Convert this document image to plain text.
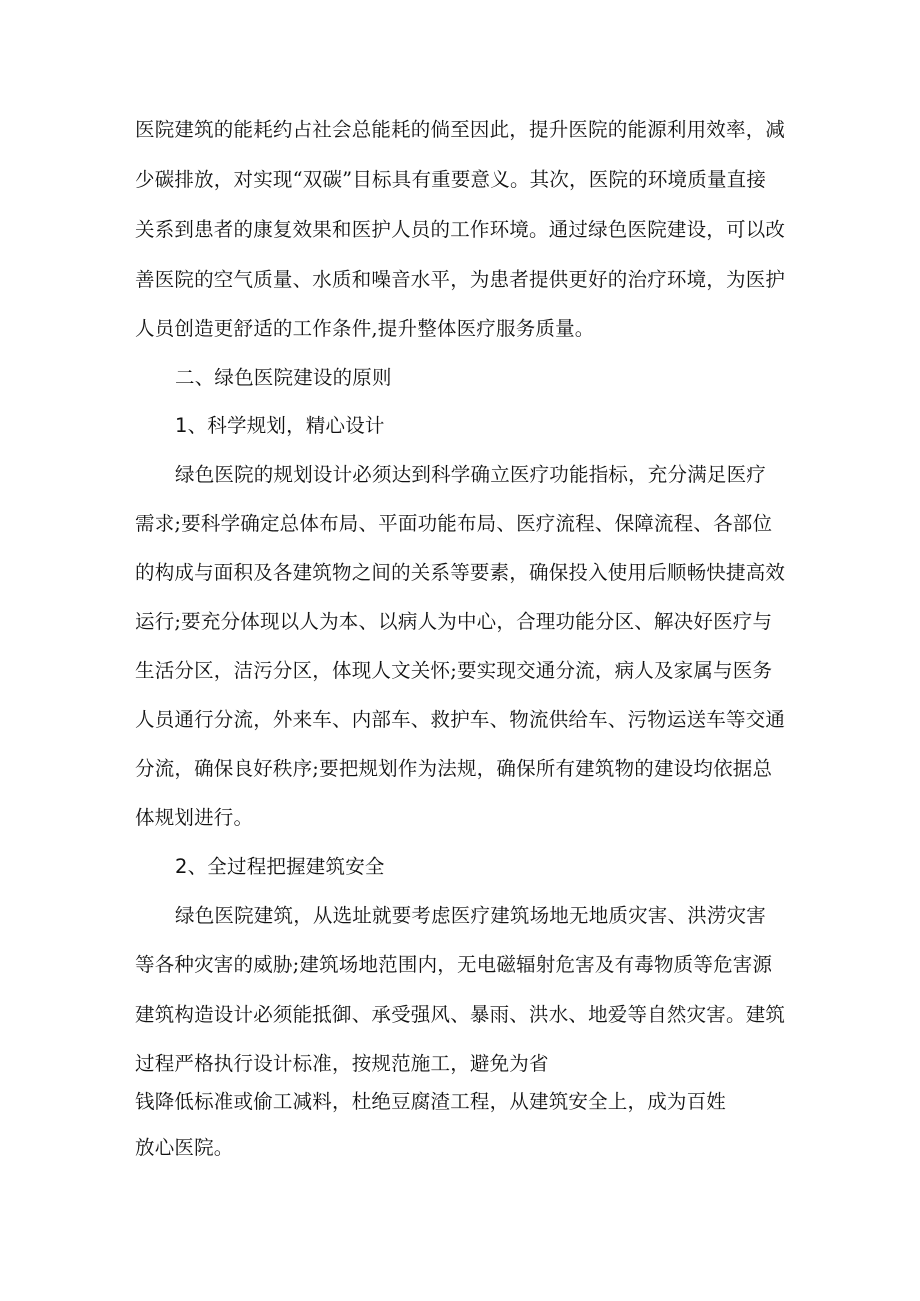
医院建筑的能耗约占社会总能耗的倘至因此，提升医院的能源利用效率，减
少碳排放，对实现“双碳”目标具有重要意义。其次，医院的环境质量直接
关系到患者的康复效果和医护人员的工作环境。通过绿色医院建设，可以改
善医院的空气质量、水质和噪音水平，为患者提供更好的治疗环境，为医护
人员创造更舒适的工作条件,提升整体医疗服务质量。
二、绿色医院建设的原则
1、科学规划，精心设计
绿色医院的规划设计必须达到科学确立医疗功能指标，充分满足医疗
需求;要科学确定总体布局、平面功能布局、医疗流程、保障流程、各部位
的构成与面积及各建筑物之间的关系等要素，确保投入使用后顺畅快捷高效
运行;要充分体现以人为本、以病人为中心，合理功能分区、解决好医疗与
生活分区，洁污分区，体现人文关怀;要实现交通分流，病人及家属与医务
人员通行分流，外来车、内部车、救护车、物流供给车、污物运送车等交通
分流，确保良好秩序;要把规划作为法规，确保所有建筑物的建设均依据总
体规划进行。
2、全过程把握建筑安全
绿色医院建筑，从选址就要考虑医疗建筑场地无地质灾害、洪涝灾害
等各种灾害的威胁;建筑场地范围内，无电磁辐射危害及有毒物质等危害源
建筑构造设计必须能抵御、承受强风、暴雨、洪水、地爱等自然灾害。建筑
过程严格执行设计标准，按规范施工，避免为省
钱降低标准或偷工减料，杜绝豆腐渣工程，从建筑安全上，成为百姓
放心医院。
